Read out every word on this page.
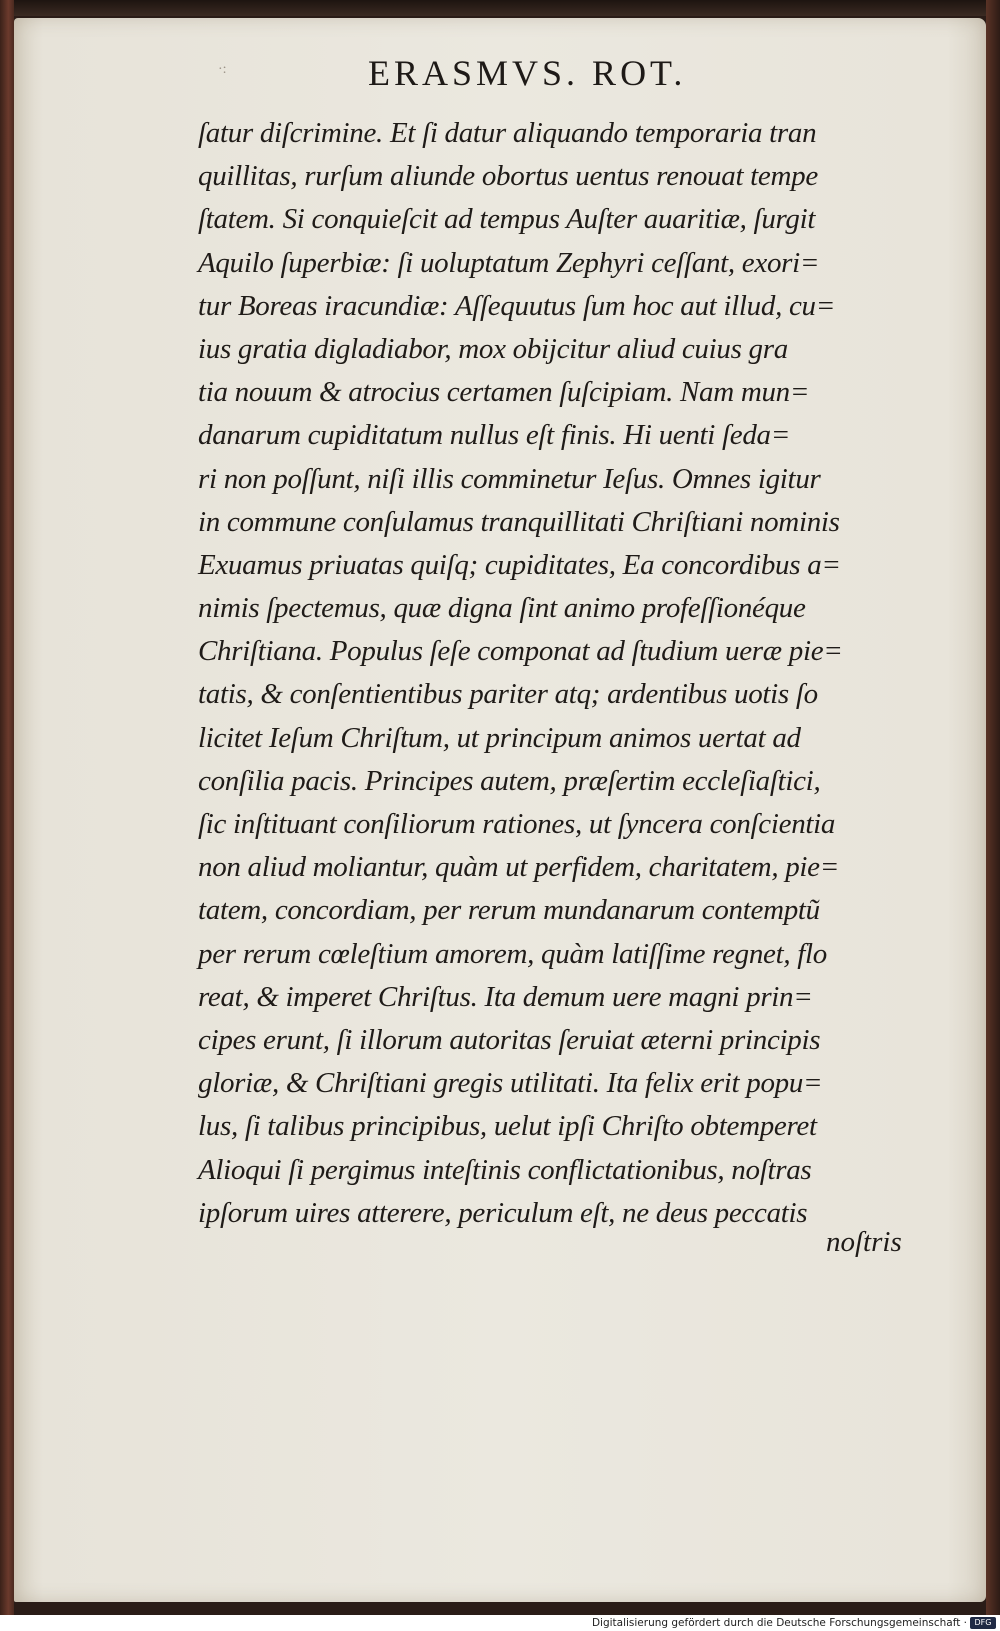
·:	ERASMVS. ROT.
ſatur diſcrimine. Et ſi datur aliquando temporaria tran
quillitas, rurſum aliunde obortus uentus renouat tempe
ſtatem. Si conquieſcit ad tempus Auſter auaritiæ, ſurgit
Aquilo ſuperbiæ: ſi uoluptatum Zephyri ceſſant, exori=
tur Boreas iracundiæ: Aſſequutus ſum hoc aut illud, cu=
ius gratia digladiabor, mox obijcitur aliud cuius gra
tia nouum & atrocius certamen ſuſcipiam. Nam mun=
danarum cupiditatum nullus eſt finis. Hi uenti ſeda=
ri non poſſunt, niſi illis comminetur Ieſus. Omnes igitur
in commune conſulamus tranquillitati Chriſtiani nominis
Exuamus priuatas quiſq; cupiditates, Ea concordibus a=
nimis ſpectemus, quæ digna ſint animo profeſſionéque
Chriſtiana. Populus ſeſe componat ad ſtudium ueræ pie=
tatis, & conſentientibus pariter atq; ardentibus uotis ſo
licitet Ieſum Chriſtum, ut principum animos uertat ad
conſilia pacis. Principes autem, præſertim eccleſiaſtici,
ſic inſtituant conſiliorum rationes, ut ſyncera conſcientia
non aliud moliantur, quàm ut perfidem, charitatem, pie=
tatem, concordiam, per rerum mundanarum contemptũ
per rerum cœleſtium amorem, quàm latiſſime regnet, flo
reat, & imperet Chriſtus. Ita demum uere magni prin=
cipes erunt, ſi illorum autoritas ſeruiat æterni principis
gloriæ, & Chriſtiani gregis utilitati. Ita felix erit popu=
lus, ſi talibus principibus, uelut ipſi Chriſto obtemperet
Alioqui ſi pergimus inteſtinis conflictationibus, noſtras
ipſorum uires atterere, periculum eſt, ne deus peccatis
noſtris
Digitalisierung gefördert durch die Deutsche Forschungsgemeinschaft · DFG
